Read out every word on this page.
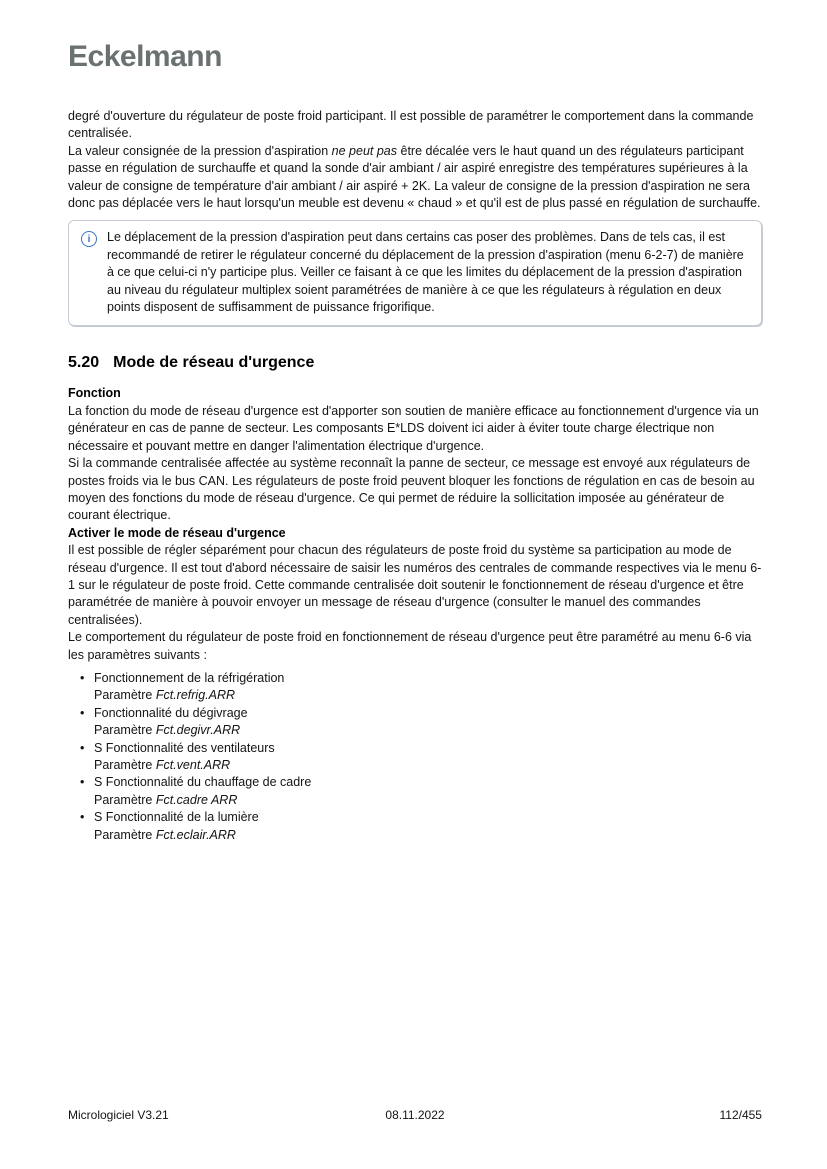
Eckelmann

degré d'ouverture du régulateur de poste froid participant. Il est possible de paramétrer le comportement dans la commande centralisée.

La valeur consignée de la pression d'aspiration ne peut pas être décalée vers le haut quand un des régulateurs participant passe en régulation de surchauffe et quand la sonde d'air ambiant / air aspiré enregistre des températures supérieures à la valeur de consigne de température d'air ambiant / air aspiré + 2K. La valeur de consigne de la pression d'aspiration ne sera donc pas déplacée vers le haut lorsqu'un meuble est devenu « chaud » et qu'il est de plus passé en régulation de surchauffe.

i	Le déplacement de la pression d'aspiration peut dans certains cas poser des problèmes. Dans de tels cas, il est recommandé de retirer le régulateur concerné du déplacement de la pression d'aspiration (menu 6-2-7) de manière à ce que celui-ci n'y participe plus. Veiller ce faisant à ce que les limites du déplacement de la pression d'aspiration au niveau du régulateur multiplex soient paramétrées de manière à ce que les régulateurs à régulation en deux points disposent de suffisamment de puissance frigorifique.

5.20 Mode de réseau d'urgence
Fonction

La fonction du mode de réseau d'urgence est d'apporter son soutien de manière efficace au fonctionnement d'urgence via un générateur en cas de panne de secteur. Les composants E*LDS doivent ici aider à éviter toute charge électrique non nécessaire et pouvant mettre en danger l'alimentation électrique d'urgence.

Si la commande centralisée affectée au système reconnaît la panne de secteur, ce message est envoyé aux régulateurs de postes froids via le bus CAN. Les régulateurs de poste froid peuvent bloquer les fonctions de régulation en cas de besoin au moyen des fonctions du mode de réseau d'urgence. Ce qui permet de réduire la sollicitation imposée au générateur de courant électrique.

Activer le mode de réseau d'urgence

Il est possible de régler séparément pour chacun des régulateurs de poste froid du système sa participation au mode de réseau d'urgence. Il est tout d'abord nécessaire de saisir les numéros des centrales de commande respectives via le menu 6-1 sur le régulateur de poste froid. Cette commande centralisée doit soutenir le fonctionnement de réseau d'urgence et être paramétrée de manière à pouvoir envoyer un message de réseau d'urgence (consulter le manuel des commandes centralisées).

Le comportement du régulateur de poste froid en fonctionnement de réseau d'urgence peut être paramétré au menu 6-6 via les paramètres suivants :

• Fonctionnement de la réfrigération
Paramètre Fct.refrig.ARR
• Fonctionnalité du dégivrage
Paramètre Fct.degivr.ARR
• S Fonctionnalité des ventilateurs
Paramètre Fct.vent.ARR
• S Fonctionnalité du chauffage de cadre
Paramètre Fct.cadre ARR
• S Fonctionnalité de la lumière
Paramètre Fct.eclair.ARR
Micrologiciel V3.21	08.11.2022	112/455
